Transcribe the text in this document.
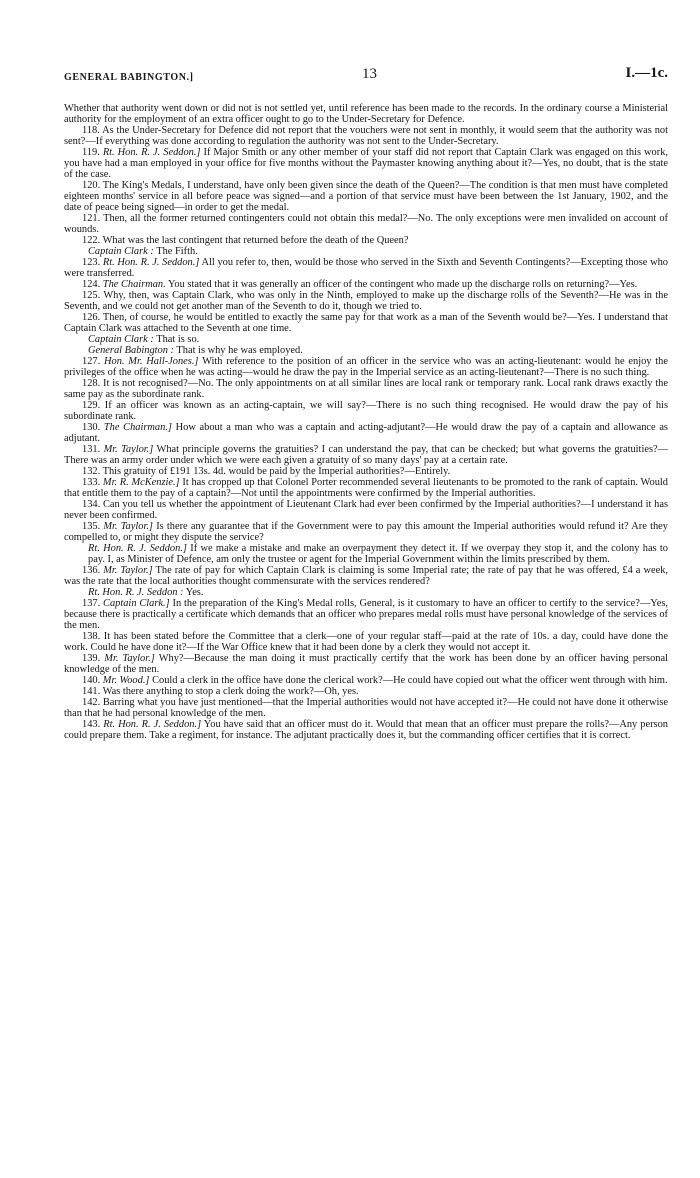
GENERAL BABINGTON.]	13	I.—1c.

Whether that authority went down or did not is not settled yet, until reference has been made to the records. In the ordinary course a Ministerial authority for the employment of an extra officer ought to go to the Under-Secretary for Defence.

118. As the Under-Secretary for Defence did not report that the vouchers were not sent in monthly, it would seem that the authority was not sent?—If everything was done according to regulation the authority was not sent to the Under-Secretary.

119. Rt. Hon. R. J. Seddon.] If Major Smith or any other member of your staff did not report that Captain Clark was engaged on this work, you have had a man employed in your office for five months without the Paymaster knowing anything about it?—Yes, no doubt, that is the state of the case.

120. The King's Medals, I understand, have only been given since the death of the Queen?—The condition is that men must have completed eighteen months' service in all before peace was signed—and a portion of that service must have been between the 1st January, 1902, and the date of peace being signed—in order to get the medal.

121. Then, all the former returned contingenters could not obtain this medal?—No. The only exceptions were men invalided on account of wounds.

122. What was the last contingent that returned before the death of the Queen?

Captain Clark : The Fifth.

123. Rt. Hon. R. J. Seddon.] All you refer to, then, would be those who served in the Sixth and Seventh Contingents?—Excepting those who were transferred.

124. The Chairman. You stated that it was generally an officer of the contingent who made up the discharge rolls on returning?—Yes.

125. Why, then, was Captain Clark, who was only in the Ninth, employed to make up the discharge rolls of the Seventh?—He was in the Seventh, and we could not get another man of the Seventh to do it, though we tried to.

126. Then, of course, he would be entitled to exactly the same pay for that work as a man of the Seventh would be?—Yes. I understand that Captain Clark was attached to the Seventh at one time.

Captain Clark : That is so.

General Babington : That is why he was employed.

127. Hon. Mr. Hall-Jones.] With reference to the position of an officer in the service who was an acting-lieutenant: would he enjoy the privileges of the office when he was acting—would he draw the pay in the Imperial service as an acting-lieutenant?—There is no such thing.

128. It is not recognised?—No. The only appointments on at all similar lines are local rank or temporary rank. Local rank draws exactly the same pay as the subordinate rank.

129. If an officer was known as an acting-captain, we will say?—There is no such thing recognised. He would draw the pay of his subordinate rank.

130. The Chairman.] How about a man who was a captain and acting-adjutant?—He would draw the pay of a captain and allowance as adjutant.

131. Mr. Taylor.] What principle governs the gratuities? I can understand the pay, that can be checked; but what governs the gratuities?—There was an army order under which we were each given a gratuity of so many days' pay at a certain rate.

132. This gratuity of £191 13s. 4d. would be paid by the Imperial authorities?—Entirely.

133. Mr. R. McKenzie.] It has cropped up that Colonel Porter recommended several lieutenants to be promoted to the rank of captain. Would that entitle them to the pay of a captain?—Not until the appointments were confirmed by the Imperial authorities.

134. Can you tell us whether the appointment of Lieutenant Clark had ever been confirmed by the Imperial authorities?—I understand it has never been confirmed.

135. Mr. Taylor.] Is there any guarantee that if the Government were to pay this amount the Imperial authorities would refund it? Are they compelled to, or might they dispute the service?

Rt. Hon. R. J. Seddon.] If we make a mistake and make an overpayment they detect it. If we overpay they stop it, and the colony has to pay. I, as Minister of Defence, am only the trustee or agent for the Imperial Government within the limits prescribed by them.

136. Mr. Taylor.] The rate of pay for which Captain Clark is claiming is some Imperial rate; the rate of pay that he was offered, £4 a week, was the rate that the local authorities thought commensurate with the services rendered?

Rt. Hon. R. J. Seddon : Yes.

137. Captain Clark.] In the preparation of the King's Medal rolls, General, is it customary to have an officer to certify to the service?—Yes, because there is practically a certificate which demands that an officer who prepares medal rolls must have personal knowledge of the services of the men.

138. It has been stated before the Committee that a clerk—one of your regular staff—paid at the rate of 10s. a day, could have done the work. Could he have done it?—If the War Office knew that it had been done by a clerk they would not accept it.

139. Mr. Taylor.] Why?—Because the man doing it must practically certify that the work has been done by an officer having personal knowledge of the men.

140. Mr. Wood.] Could a clerk in the office have done the clerical work?—He could have copied out what the officer went through with him.

141. Was there anything to stop a clerk doing the work?—Oh, yes.

142. Barring what you have just mentioned—that the Imperial authorities would not have accepted it?—He could not have done it otherwise than that he had personal knowledge of the men.

143. Rt. Hon. R. J. Seddon.] You have said that an officer must do it. Would that mean that an officer must prepare the rolls?—Any person could prepare them. Take a regiment, for instance. The adjutant practically does it, but the commanding officer certifies that it is correct.
